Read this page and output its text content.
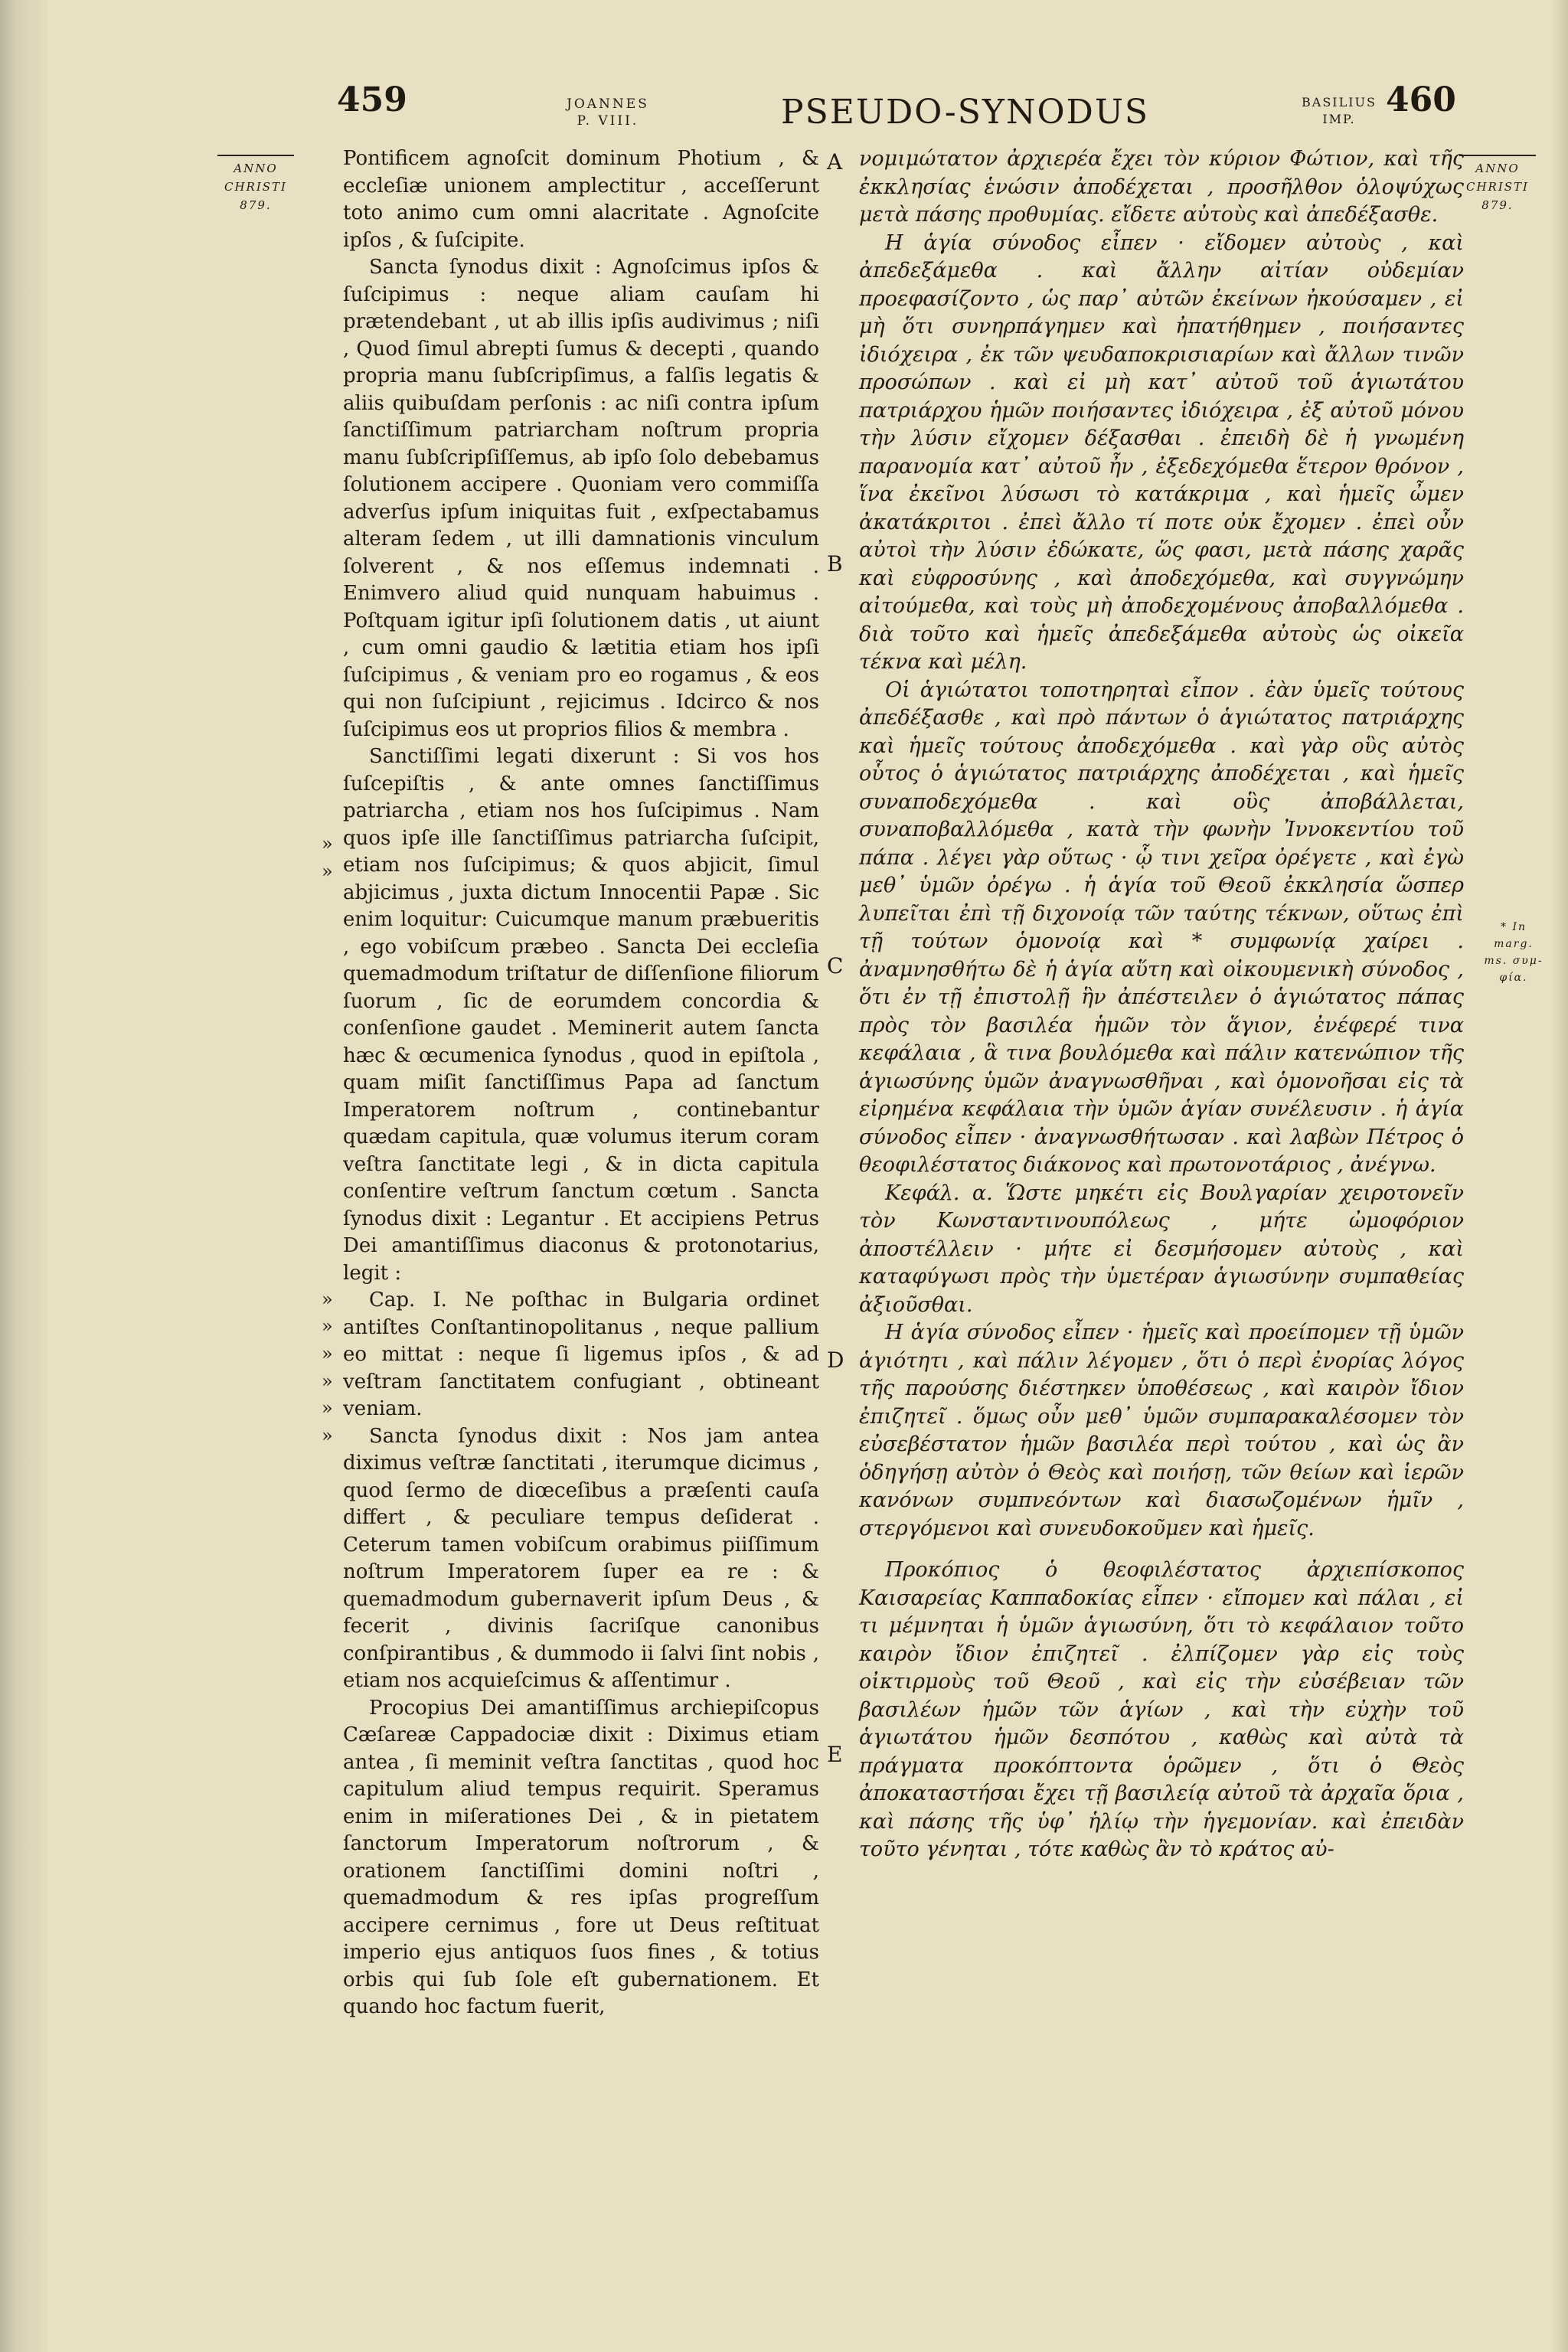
459	JOANNES
P. VIII.	PSEUDO-SYNODUS	BASILIUS
IMP. 460
ANNO
CHRISTI
879.
ANNO
CHRISTI
879.
* In marg.
ms. συμ-
φία.
»
»
»
»
»
»
»
»

Pontificem agnoſcit dominum Photium , & eccleſiæ unionem amplectitur , acceſſerunt toto animo cum omni alacritate . Agnoſcite ipſos , & ſuſcipite.

Sancta ſynodus dixit : Agnoſcimus ipſos & ſuſcipimus : neque aliam cauſam hi prætendebant , ut ab illis ipſis audivimus ; niſi , Quod ſimul abrepti ſumus & decepti , quando propria manu ſubſcripſimus, a falſis legatis & aliis quibuſdam perſonis : ac niſi contra ipſum ſanctiſſimum patriarcham noſtrum propria manu ſubſcripſiſſemus, ab ipſo ſolo debebamus ſolutionem accipere . Quoniam vero commiſſa adverſus ipſum iniquitas fuit , exſpectabamus alteram ſedem , ut illi damnationis vinculum ſolverent , & nos eſſemus indemnati . Enimvero aliud quid nunquam habuimus . Poſtquam igitur ipſi ſolutionem datis , ut aiunt , cum omni gaudio & lætitia etiam hos ipſi ſuſcipimus , & veniam pro eo rogamus , & eos qui non ſuſcipiunt , rejicimus . Idcirco & nos ſuſcipimus eos ut proprios filios & membra .

Sanctiſſimi legati dixerunt : Si vos hos ſuſcepiſtis , & ante omnes ſanctiſſimus patriarcha , etiam nos hos ſuſcipimus . Nam quos ipſe ille ſanctiſſimus patriarcha ſuſcipit, etiam nos ſuſcipimus; & quos abjicit, ſimul abjicimus , juxta dictum Innocentii Papæ . Sic enim loquitur: Cuicumque manum præbueritis , ego vobiſcum præbeo . Sancta Dei eccleſia quemadmodum triſtatur de diſſenſione filiorum ſuorum , ſic de eorumdem concordia & conſenſione gaudet . Meminerit autem ſancta hæc & œcumenica ſynodus , quod in epiſtola , quam miſit ſanctiſſimus Papa ad ſanctum Imperatorem noſtrum , continebantur quædam capitula, quæ volumus iterum coram veſtra ſanctitate legi , & in dicta capitula conſentire veſtrum ſanctum cœtum . Sancta ſynodus dixit : Legantur . Et accipiens Petrus Dei amantiſſimus diaconus & protonotarius, legit :

Cap. I. Ne poſthac in Bulgaria ordinet antiſtes Conſtantinopolitanus , neque pallium eo mittat : neque ſi ligemus ipſos , & ad veſtram ſanctitatem confugiant , obtineant veniam.

Sancta ſynodus dixit : Nos jam antea diximus veſtræ ſanctitati , iterumque dicimus , quod ſermo de diœceſibus a præſenti cauſa differt , & peculiare tempus deſiderat . Ceterum tamen vobiſcum orabimus piiſſimum noſtrum Imperatorem ſuper ea re : & quemadmodum gubernaverit ipſum Deus , & fecerit , divinis ſacriſque canonibus conſpirantibus , & dummodo ii ſalvi ſint nobis , etiam nos acquieſcimus & aſſentimur .

Procopius Dei amantiſſimus archiepiſcopus Cæſareæ Cappadociæ dixit : Diximus etiam antea , ſi meminit veſtra ſanctitas , quod hoc capitulum aliud tempus requirit. Speramus enim in miſerationes Dei , & in pietatem ſanctorum Imperatorum noſtrorum , & orationem ſanctiſſimi domini noſtri , quemadmodum & res ipſas progreſſum accipere cernimus , fore ut Deus reſtituat imperio ejus antiquos ſuos fines , & totius orbis qui ſub ſole eſt gubernationem. Et quando hoc factum fuerit,

A
B
C
D
E

νομιμώτατον ἀρχιερέα ἔχει τὸν κύριον Φώτιον, καὶ τῆς ἐκκλησίας ἑνώσιν ἀποδέχεται , προσῆλθον ὁλοψύχως μετὰ πάσης προθυμίας. εἴδετε αὐτοὺς καὶ ἀπεδέξασθε.

Η ἁγία σύνοδος εἶπεν · εἴδομεν αὐτοὺς , καὶ ἀπεδεξάμεθα . καὶ ἄλλην αἰτίαν οὐδεμίαν προεφασίζοντο , ὡς παρ᾽ αὐτῶν ἐκείνων ἠκούσαμεν , εἰ μὴ ὅτι συνηρπάγημεν καὶ ἠπατήθημεν , ποιήσαντες ἰδιόχειρα , ἐκ τῶν ψευδαποκρισιαρίων καὶ ἄλλων τινῶν προσώπων . καὶ εἰ μὴ κατ᾽ αὐτοῦ τοῦ ἁγιωτάτου πατριάρχου ἡμῶν ποιήσαντες ἰδιόχειρα , ἐξ αὐτοῦ μόνου τὴν λύσιν εἴχομεν δέξασθαι . ἐπειδὴ δὲ ἡ γνωμένη παρανομία κατ᾽ αὐτοῦ ἦν , ἐξεδεχόμεθα ἕτερον θρόνον , ἵνα ἐκεῖνοι λύσωσι τὸ κατάκριμα , καὶ ἡμεῖς ὦμεν ἀκατάκριτοι . ἐπεὶ ἄλλο τί ποτε οὐκ ἔχομεν . ἐπεὶ οὖν αὐτοὶ τὴν λύσιν ἐδώκατε, ὥς φασι, μετὰ πάσης χαρᾶς καὶ εὐφροσύνης , καὶ ἀποδεχόμεθα, καὶ συγγνώμην αἰτούμεθα, καὶ τοὺς μὴ ἀποδεχομένους ἀποβαλλόμεθα . διὰ τοῦτο καὶ ἡμεῖς ἀπεδεξάμεθα αὐτοὺς ὡς οἰκεῖα τέκνα καὶ μέλη.

Οἱ ἁγιώτατοι τοποτηρηταὶ εἶπον . ἐὰν ὑμεῖς τούτους ἀπεδέξασθε , καὶ πρὸ πάντων ὁ ἁγιώτατος πατριάρχης καὶ ἡμεῖς τούτους ἀποδεχόμεθα . καὶ γὰρ οὓς αὐτὸς οὗτος ὁ ἁγιώτατος πατριάρχης ἀποδέχεται , καὶ ἡμεῖς συναποδεχόμεθα . καὶ οὓς ἀποβάλλεται, συναποβαλλόμεθα , κατὰ τὴν φωνὴν Ἰννοκεντίου τοῦ πάπα . λέγει γὰρ οὕτως · ᾧ τινι χεῖρα ὀρέγετε , καὶ ἐγὼ μεθ᾽ ὑμῶν ὀρέγω . ἡ ἁγία τοῦ Θεοῦ ἐκκλησία ὥσπερ λυπεῖται ἐπὶ τῇ διχονοίᾳ τῶν ταύτης τέκνων, οὕτως ἐπὶ τῇ τούτων ὁμονοίᾳ καὶ * συμφωνίᾳ χαίρει . ἀναμνησθήτω δὲ ἡ ἁγία αὕτη καὶ οἰκουμενικὴ σύνοδος , ὅτι ἐν τῇ ἐπιστολῇ ἣν ἀπέστειλεν ὁ ἁγιώτατος πάπας πρὸς τὸν βασιλέα ἡμῶν τὸν ἅγιον, ἐνέφερέ τινα κεφάλαια , ἃ τινα βουλόμεθα καὶ πάλιν κατενώπιον τῆς ἁγιωσύνης ὑμῶν ἀναγνωσθῆναι , καὶ ὁμονοῆσαι εἰς τὰ εἰρημένα κεφάλαια τὴν ὑμῶν ἁγίαν συνέλευσιν . ἡ ἁγία σύνοδος εἶπεν · ἀναγνωσθήτωσαν . καὶ λαβὼν Πέτρος ὁ θεοφιλέστατος διάκονος καὶ πρωτονοτάριος , ἀνέγνω.

Κεφάλ. α. Ὥστε μηκέτι εἰς Βουλγαρίαν χειροτονεῖν τὸν Κωνσταντινουπόλεως , μήτε ὠμοφόριον ἀποστέλλειν · μήτε εἰ δεσμήσομεν αὐτοὺς , καὶ καταφύγωσι πρὸς τὴν ὑμετέραν ἁγιωσύνην συμπαθείας ἀξιοῦσθαι.

Η ἁγία σύνοδος εἶπεν · ἡμεῖς καὶ προείπομεν τῇ ὑμῶν ἁγιότητι , καὶ πάλιν λέγομεν , ὅτι ὁ περὶ ἐνορίας λόγος τῆς παρούσης διέστηκεν ὑποθέσεως , καὶ καιρὸν ἴδιον ἐπιζητεῖ . ὅμως οὖν μεθ᾽ ὑμῶν συμπαρακαλέσομεν τὸν εὐσεβέστατον ἡμῶν βασιλέα περὶ τούτου , καὶ ὡς ἂν ὁδηγήσῃ αὐτὸν ὁ Θεὸς καὶ ποιήσῃ, τῶν θείων καὶ ἱερῶν κανόνων συμπνεόντων καὶ διασωζομένων ἡμῖν , στεργόμενοι καὶ συνευδοκοῦμεν καὶ ἡμεῖς.

Προκόπιος ὁ θεοφιλέστατος ἀρχιεπίσκοπος Καισαρείας Καππαδοκίας εἶπεν · εἴπομεν καὶ πάλαι , εἰ τι μέμνηται ἡ ὑμῶν ἁγιωσύνη, ὅτι τὸ κεφάλαιον τοῦτο καιρὸν ἴδιον ἐπιζητεῖ . ἐλπίζομεν γὰρ εἰς τοὺς οἰκτιρμοὺς τοῦ Θεοῦ , καὶ εἰς τὴν εὐσέβειαν τῶν βασιλέων ἡμῶν τῶν ἁγίων , καὶ τὴν εὐχὴν τοῦ ἁγιωτάτου ἡμῶν δεσπότου , καθὼς καὶ αὐτὰ τὰ πράγματα προκόπτοντα ὁρῶμεν , ὅτι ὁ Θεὸς ἀποκαταστήσαι ἔχει τῇ βασιλείᾳ αὐτοῦ τὰ ἀρχαῖα ὅρια , καὶ πάσης τῆς ὑφ᾽ ἡλίῳ τὴν ἡγεμονίαν. καὶ ἐπειδὰν τοῦτο γένηται , τότε καθὼς ἂν τὸ κράτος αὐ-
